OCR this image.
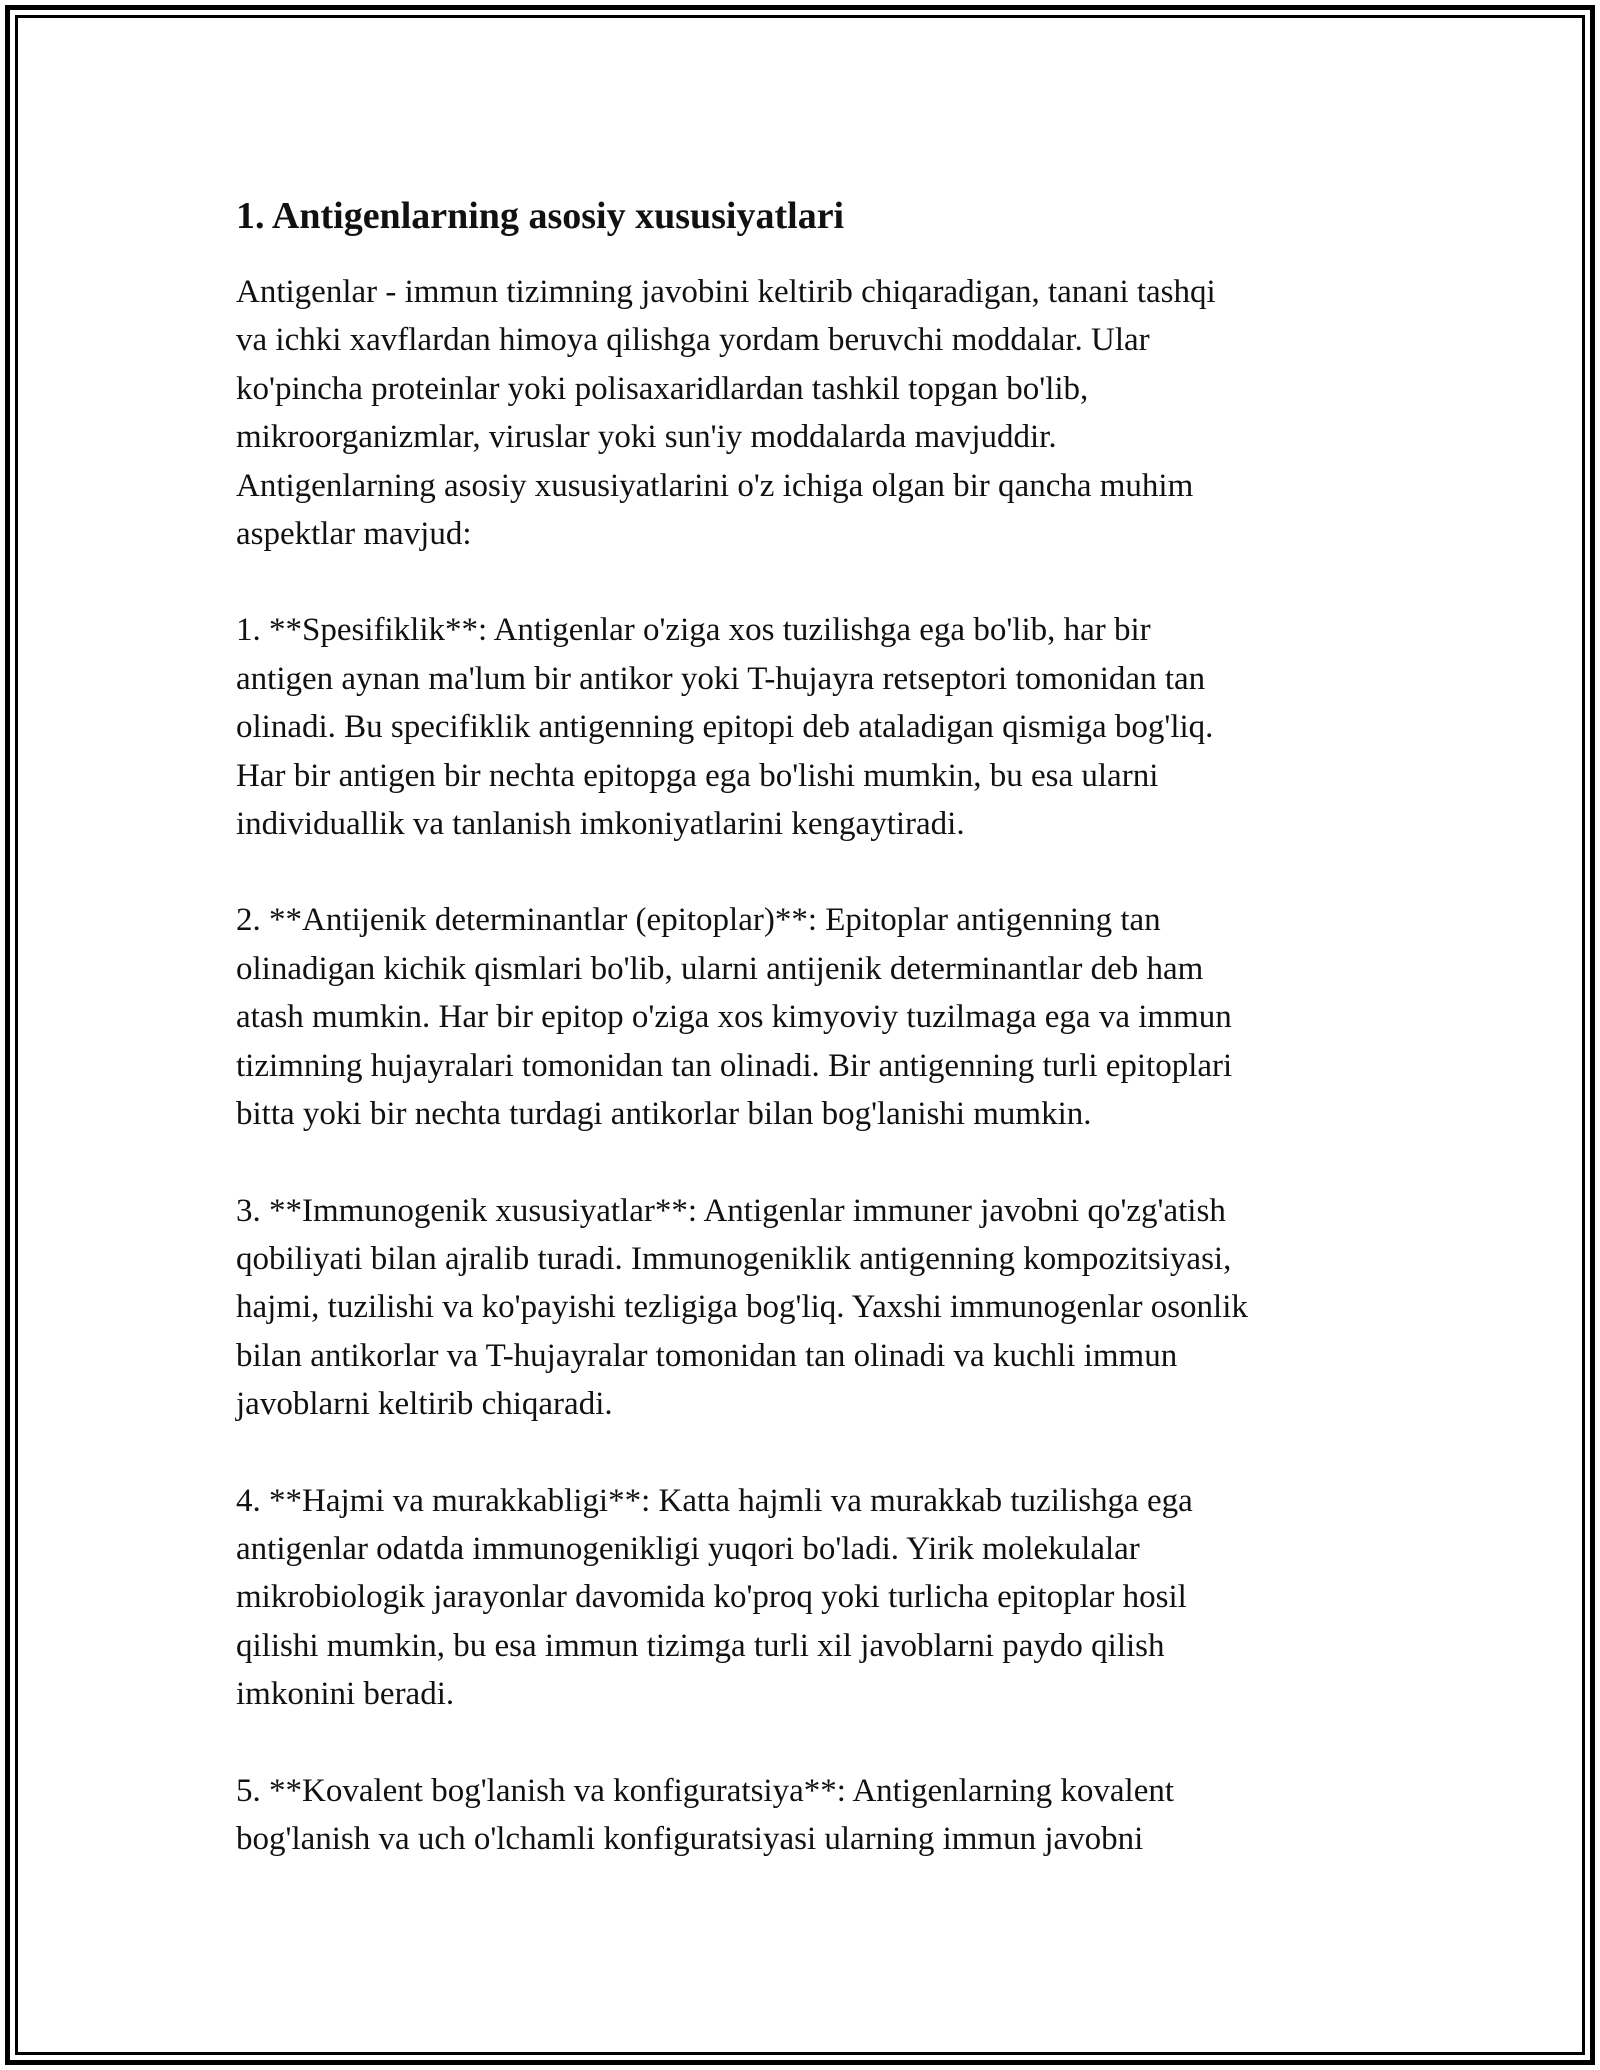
1. Antigenlarning asosiy xususiyatlari

Antigenlar - immun tizimning javobini keltirib chiqaradigan, tanani tashqi
va ichki xavflardan himoya qilishga yordam beruvchi moddalar. Ular
ko'pincha proteinlar yoki polisaxaridlardan tashkil topgan bo'lib,
mikroorganizmlar, viruslar yoki sun'iy moddalarda mavjuddir.
Antigenlarning asosiy xususiyatlarini o'z ichiga olgan bir qancha muhim
aspektlar mavjud:

1. **Spesifiklik**: Antigenlar o'ziga xos tuzilishga ega bo'lib, har bir
antigen aynan ma'lum bir antikor yoki T-hujayra retseptori tomonidan tan
olinadi. Bu specifiklik antigenning epitopi deb ataladigan qismiga bog'liq.
Har bir antigen bir nechta epitopga ega bo'lishi mumkin, bu esa ularni
individuallik va tanlanish imkoniyatlarini kengaytiradi.

2. **Antijenik determinantlar (epitoplar)**: Epitoplar antigenning tan
olinadigan kichik qismlari bo'lib, ularni antijenik determinantlar deb ham
atash mumkin. Har bir epitop o'ziga xos kimyoviy tuzilmaga ega va immun
tizimning hujayralari tomonidan tan olinadi. Bir antigenning turli epitoplari
bitta yoki bir nechta turdagi antikorlar bilan bog'lanishi mumkin.

3. **Immunogenik xususiyatlar**: Antigenlar immuner javobni qo'zg'atish
qobiliyati bilan ajralib turadi. Immunogeniklik antigenning kompozitsiyasi,
hajmi, tuzilishi va ko'payishi tezligiga bog'liq. Yaxshi immunogenlar osonlik
bilan antikorlar va T-hujayralar tomonidan tan olinadi va kuchli immun
javoblarni keltirib chiqaradi.

4. **Hajmi va murakkabligi**: Katta hajmli va murakkab tuzilishga ega
antigenlar odatda immunogenikligi yuqori bo'ladi. Yirik molekulalar
mikrobiologik jarayonlar davomida ko'proq yoki turlicha epitoplar hosil
qilishi mumkin, bu esa immun tizimga turli xil javoblarni paydo qilish
imkonini beradi.

5. **Kovalent bog'lanish va konfiguratsiya**: Antigenlarning kovalent
bog'lanish va uch o'lchamli konfiguratsiyasi ularning immun javobni
